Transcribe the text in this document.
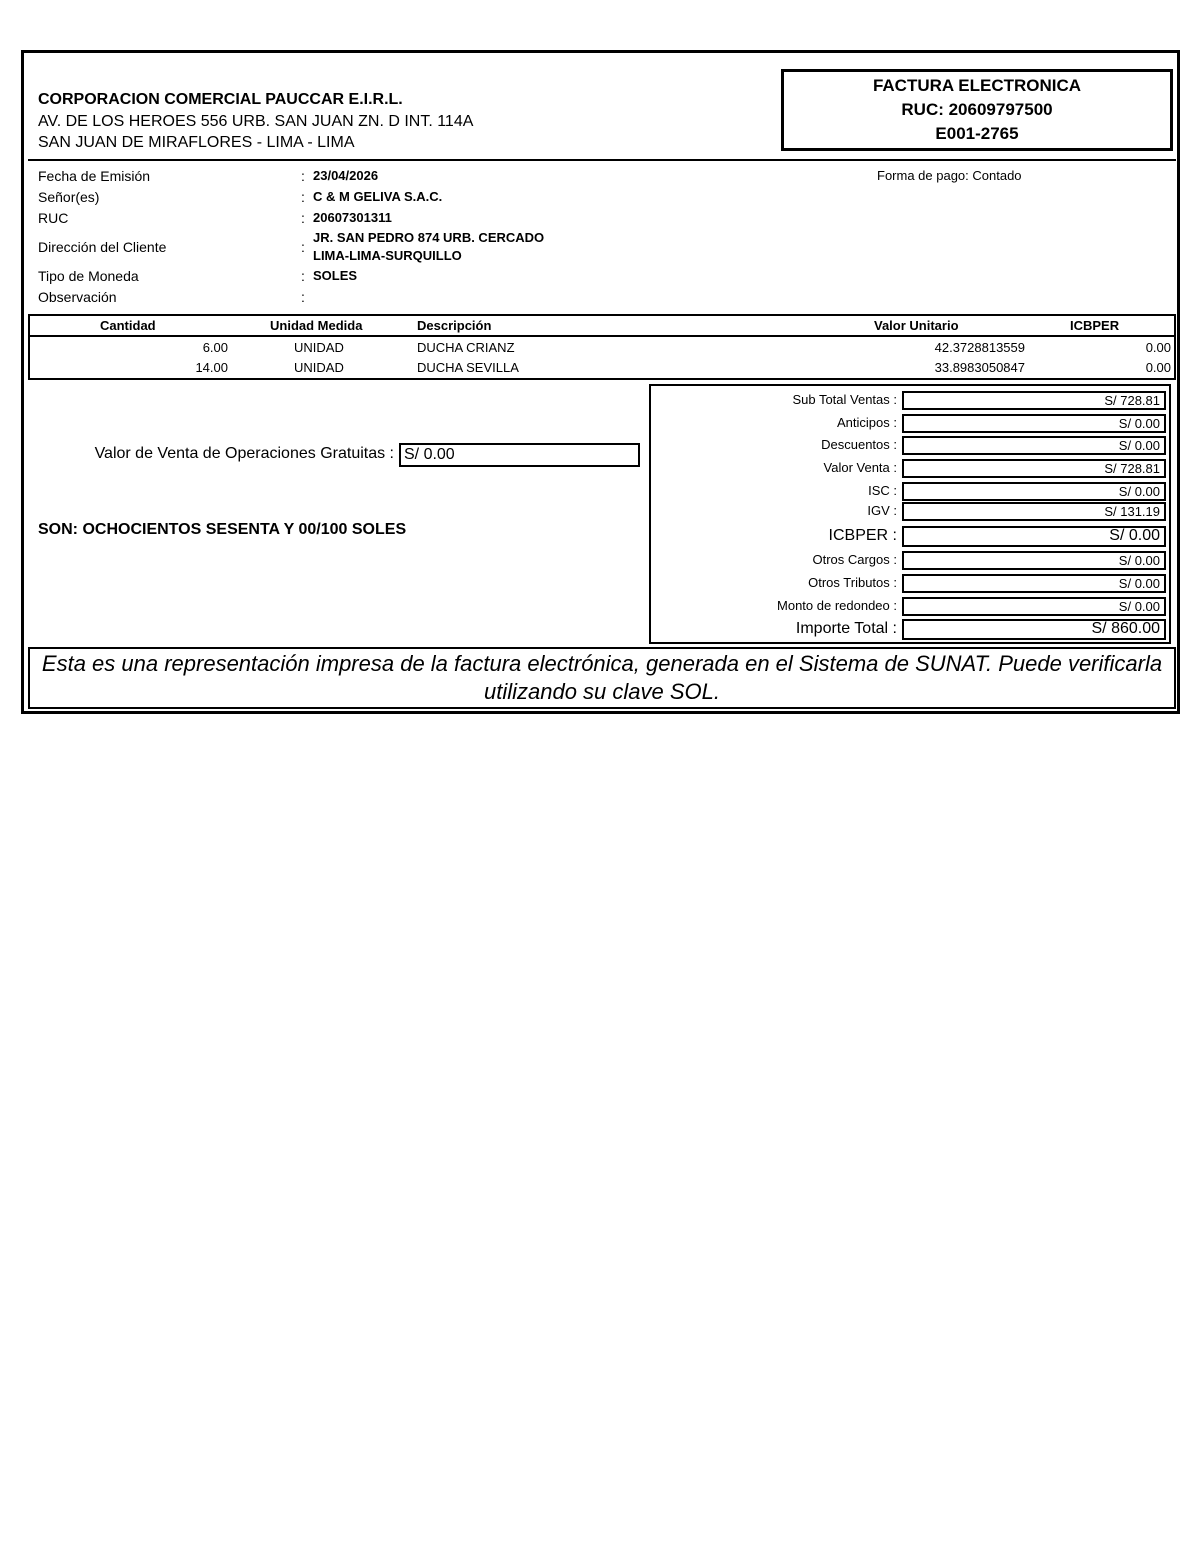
CORPORACION COMERCIAL PAUCCAR E.I.R.L.
AV. DE LOS HEROES 556 URB. SAN JUAN ZN. D INT. 114A
SAN JUAN DE MIRAFLORES - LIMA - LIMA
FACTURA ELECTRONICA
RUC: 20609797500
E001-2765
Fecha de Emisión	: 23/04/2026
Señor(es)	: C & M GELIVA S.A.C.
RUC	: 20607301311
Dirección del Cliente	:
JR. SAN PEDRO 874 URB. CERCADO
LIMA-LIMA-SURQUILLO
Tipo de Moneda	: SOLES
Observación	:
Forma de pago: Contado
Cantidad	Unidad Medida	Descripción	Valor Unitario	ICBPER
6.00	UNIDAD	DUCHA CRIANZ	42.3728813559	0.00
14.00	UNIDAD	DUCHA SEVILLA	33.8983050847	0.00
Valor de Venta de Operaciones Gratuitas : S/ 0.00
SON: OCHOCIENTOS SESENTA Y 00/100 SOLES
Sub Total Ventas :	S/ 728.81
Anticipos :	S/ 0.00
Descuentos :	S/ 0.00
Valor Venta :	S/ 728.81
ISC :	S/ 0.00
IGV :	S/ 131.19
ICBPER :	S/ 0.00
Otros Cargos :	S/ 0.00
Otros Tributos :	S/ 0.00
Monto de redondeo :	S/ 0.00
Importe Total :	S/ 860.00
Esta es una representación impresa de la factura electrónica, generada en el Sistema de SUNAT. Puede verificarla utilizando su clave SOL.
